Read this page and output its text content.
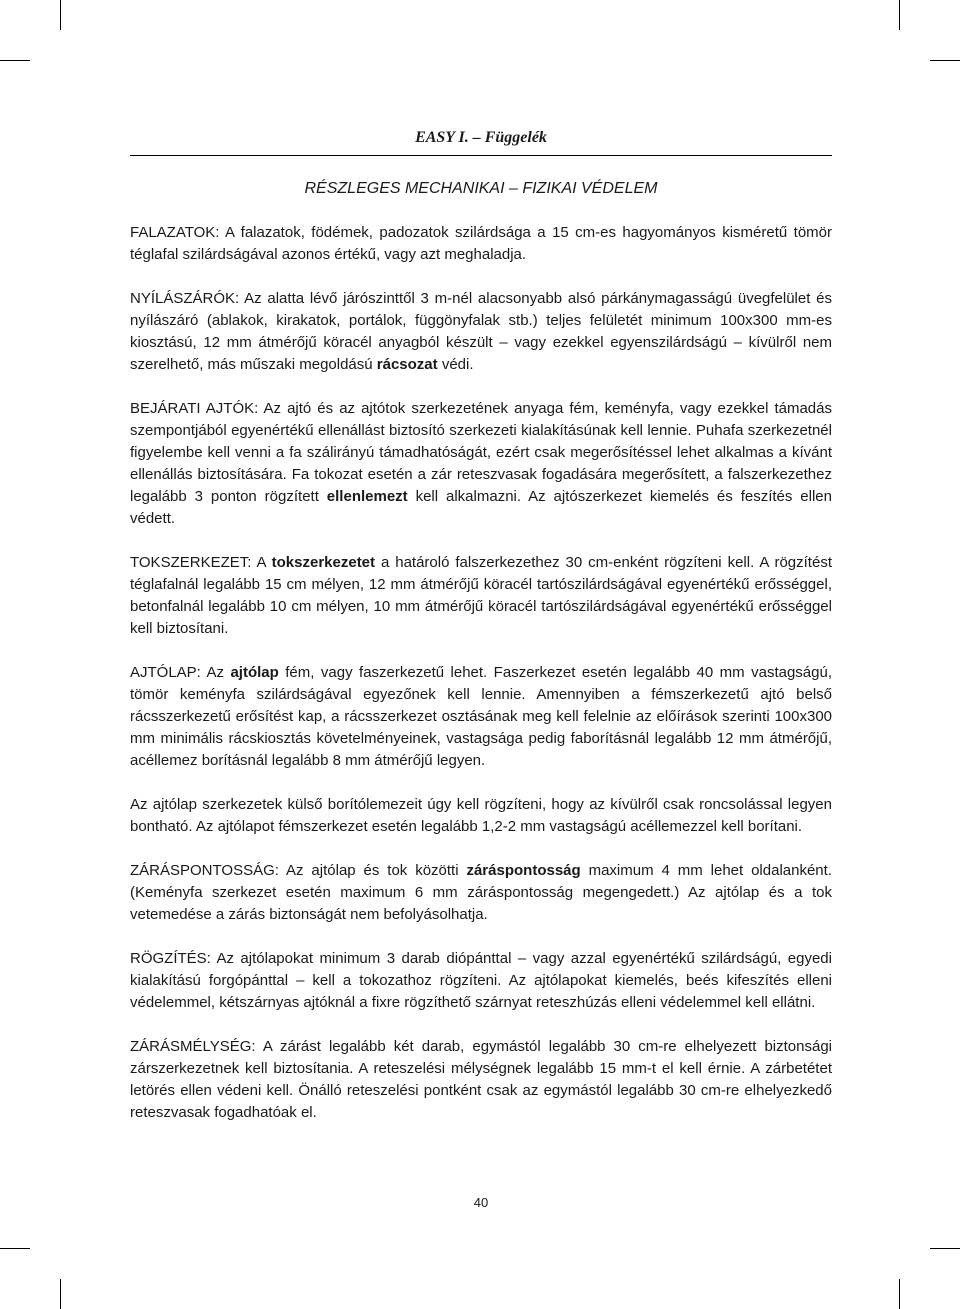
EASY I. – Függelék
RÉSZLEGES MECHANIKAI – FIZIKAI VÉDELEM

FALAZATOK: A falazatok, födémek, padozatok szilárdsága a 15 cm-es hagyományos kisméretű tömör téglafal szilárdságával azonos értékű, vagy azt meghaladja.

NYÍLÁSZÁRÓK: Az alatta lévő járószinttől 3 m-nél alacsonyabb alsó párkánymagasságú üvegfelület és nyílászáró (ablakok, kirakatok, portálok, függönyfalak stb.) teljes felületét minimum 100x300 mm-es kiosztású, 12 mm átmérőjű köracél anyagból készült – vagy ezekkel egyenszilárdságú – kívülről nem szerelhető, más műszaki megoldású rácsozat védi.

BEJÁRATI AJTÓK: Az ajtó és az ajtótok szerkezetének anyaga fém, keményfa, vagy ezekkel támadás szempontjából egyenértékű ellenállást biztosító szerkezeti kialakításúnak kell lennie. Puhafa szerkezetnél figyelembe kell venni a fa szálirányú támadhatóságát, ezért csak megerősítéssel lehet alkalmas a kívánt ellenállás biztosítására. Fa tokozat esetén a zár reteszvasak fogadására megerősített, a falszerkezethez legalább 3 ponton rögzített ellenlemezt kell alkalmazni. Az ajtószerkezet kiemelés és feszítés ellen védett.

TOKSZERKEZET: A tokszerkezetet a határoló falszerkezethez 30 cm-enként rögzíteni kell. A rögzítést téglafalnál legalább 15 cm mélyen, 12 mm átmérőjű köracél tartószilárdságával egyenértékű erősséggel, betonfalnál legalább 10 cm mélyen, 10 mm átmérőjű köracél tartószilárdságával egyenértékű erősséggel kell biztosítani.

AJTÓLAP: Az ajtólap fém, vagy faszerkezetű lehet. Faszerkezet esetén legalább 40 mm vastagságú, tömör keményfa szilárdságával egyezőnek kell lennie. Amennyiben a fémszerkezetű ajtó belső rácsszerkezetű erősítést kap, a rácsszerkezet osztásának meg kell felelnie az előírások szerinti 100x300 mm minimális rácskiosztás követelményeinek, vastagsága pedig faborításnál legalább 12 mm átmérőjű, acéllemez borításnál legalább 8 mm átmérőjű legyen.

Az ajtólap szerkezetek külső borítólemezeit úgy kell rögzíteni, hogy az kívülről csak roncsolással legyen bontható. Az ajtólapot fémszerkezet esetén legalább 1,2-2 mm vastagságú acéllemezzel kell borítani.

ZÁRÁSPONTOSSÁG: Az ajtólap és tok közötti záráspontosság maximum 4 mm lehet oldalanként. (Keményfa szerkezet esetén maximum 6 mm záráspontosság megengedett.) Az ajtólap és a tok vetemedése a zárás biztonságát nem befolyásolhatja.

RÖGZÍTÉS: Az ajtólapokat minimum 3 darab diópánttal – vagy azzal egyenértékű szilárdságú, egyedi kialakítású forgópánttal – kell a tokozathoz rögzíteni. Az ajtólapokat kiemelés, beés kifeszítés elleni védelemmel, kétszárnyas ajtóknál a fixre rögzíthető szárnyat reteszhúzás elleni védelemmel kell ellátni.

ZÁRÁSMÉLYSÉG: A zárást legalább két darab, egymástól legalább 30 cm-re elhelyezett biztonsági zárszerkezetnek kell biztosítania. A reteszelési mélységnek legalább 15 mm-t el kell érnie. A zárbetétet letörés ellen védeni kell. Önálló reteszelési pontként csak az egymástól legalább 30 cm-re elhelyezkedő reteszvasak fogadhatóak el.

40
